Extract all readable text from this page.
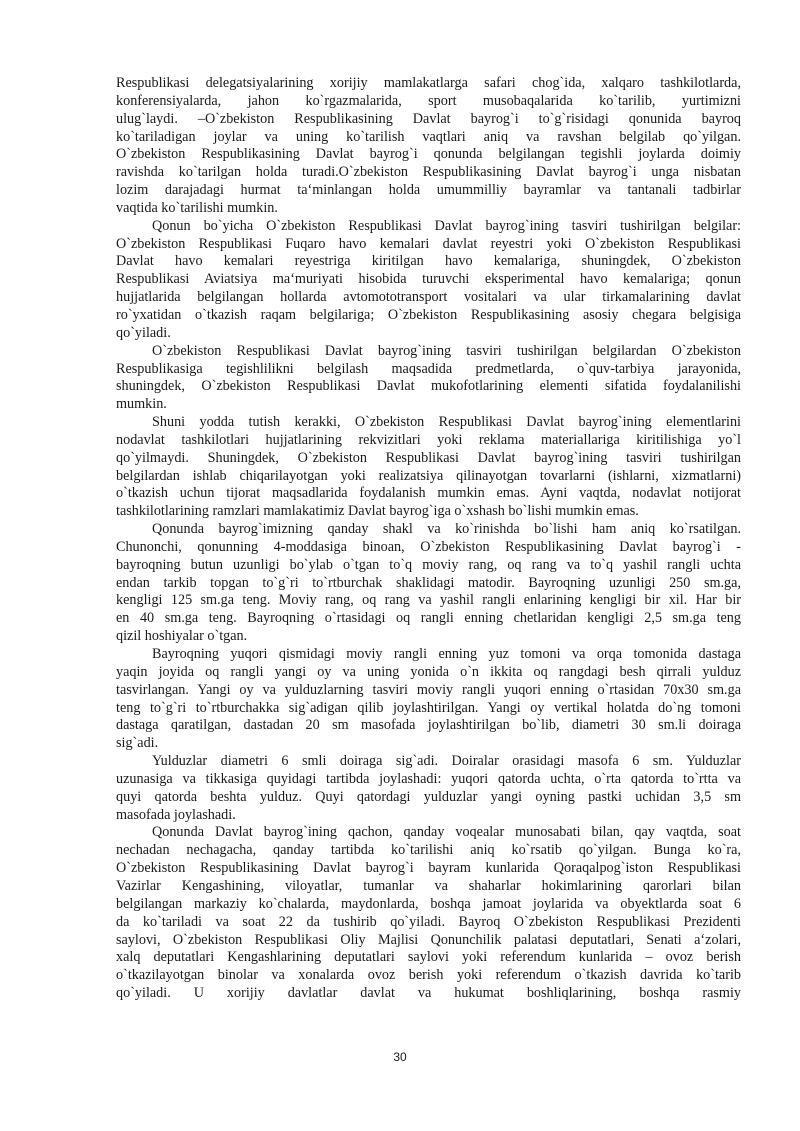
Respublikasi delegatsiyalarining xorijiy mamlakatlarga safari chog`ida, xalqaro tashkilotlarda,
konferensiyalarda, jahon ko`rgazmalarida, sport musobaqalarida ko`tarilib, yurtimizni
ulug`laydi. –O`zbekiston Respublikasining Davlat bayrog`i to`g`risidagi qonunida bayroq
ko`tariladigan joylar va uning ko`tarilish vaqtlari aniq va ravshan belgilab qo`yilgan.
O`zbekiston Respublikasining Davlat bayrog`i qonunda belgilangan tegishli joylarda doimiy
ravishda ko`tarilgan holda turadi.O`zbekiston Respublikasining Davlat bayrog`i unga nisbatan
lozim darajadagi hurmat ta‘minlangan holda umummilliy bayramlar va tantanali tadbirlar
vaqtida ko`tarilishi mumkin.
Qonun bo`yicha O`zbekiston Respublikasi Davlat bayrog`ining tasviri tushirilgan belgilar:
O`zbekiston Respublikasi Fuqaro havo kemalari davlat reyestri yoki O`zbekiston Respublikasi
Davlat havo kemalari reyestriga kiritilgan havo kemalariga, shuningdek, O`zbekiston
Respublikasi Aviatsiya ma‘muriyati hisobida turuvchi eksperimental havo kemalariga; qonun
hujjatlarida belgilangan hollarda avtomototransport vositalari va ular tirkamalarining davlat
ro`yxatidan o`tkazish raqam belgilariga; O`zbekiston Respublikasining asosiy chegara belgisiga
qo`yiladi.
O`zbekiston Respublikasi Davlat bayrog`ining tasviri tushirilgan belgilardan O`zbekiston
Respublikasiga tegishlilikni belgilash maqsadida predmetlarda, o`quv-tarbiya jarayonida,
shuningdek, O`zbekiston Respublikasi Davlat mukofotlarining elementi sifatida foydalanilishi
mumkin.
Shuni yodda tutish kerakki, O`zbekiston Respublikasi Davlat bayrog`ining elementlarini
nodavlat tashkilotlari hujjatlarining rekvizitlari yoki reklama materiallariga kiritilishiga yo`l
qo`yilmaydi. Shuningdek, O`zbekiston Respublikasi Davlat bayrog`ining tasviri tushirilgan
belgilardan ishlab chiqarilayotgan yoki realizatsiya qilinayotgan tovarlarni (ishlarni, xizmatlarni)
o`tkazish uchun tijorat maqsadlarida foydalanish mumkin emas. Ayni vaqtda, nodavlat notijorat
tashkilotlarining ramzlari mamlakatimiz Davlat bayrog`iga o`xshash bo`lishi mumkin emas.
Qonunda bayrog`imizning qanday shakl va ko`rinishda bo`lishi ham aniq ko`rsatilgan.
Chunonchi, qonunning 4-moddasiga binoan, O`zbekiston Respublikasining Davlat bayrog`i -
bayroqning butun uzunligi bo`ylab o`tgan to`q moviy rang, oq rang va to`q yashil rangli uchta
endan tarkib topgan to`g`ri to`rtburchak shaklidagi matodir. Bayroqning uzunligi 250 sm.ga,
kengligi 125 sm.ga teng. Moviy rang, oq rang va yashil rangli enlarining kengligi bir xil. Har bir
en 40 sm.ga teng. Bayroqning o`rtasidagi oq rangli enning chetlaridan kengligi 2,5 sm.ga teng
qizil hoshiyalar o`tgan.
Bayroqning yuqori qismidagi moviy rangli enning yuz tomoni va orqa tomonida dastaga
yaqin joyida oq rangli yangi oy va uning yonida o`n ikkita oq rangdagi besh qirrali yulduz
tasvirlangan. Yangi oy va yulduzlarning tasviri moviy rangli yuqori enning o`rtasidan 70x30 sm.ga
teng to`g`ri to`rtburchakka sig`adigan qilib joylashtirilgan. Yangi oy vertikal holatda do`ng tomoni
dastaga qaratilgan, dastadan 20 sm masofada joylashtirilgan bo`lib, diametri 30 sm.li doiraga
sig`adi.
Yulduzlar diametri 6 smli doiraga sig`adi. Doiralar orasidagi masofa 6 sm. Yulduzlar
uzunasiga va tikkasiga quyidagi tartibda joylashadi: yuqori qatorda uchta, o`rta qatorda to`rtta va
quyi qatorda beshta yulduz. Quyi qatordagi yulduzlar yangi oyning pastki uchidan 3,5 sm
masofada joylashadi.
Qonunda Davlat bayrog`ining qachon, qanday voqealar munosabati bilan, qay vaqtda, soat
nechadan nechagacha, qanday tartibda ko`tarilishi aniq ko`rsatib qo`yilgan. Bunga ko`ra,
O`zbekiston Respublikasining Davlat bayrog`i bayram kunlarida Qoraqalpog`iston Respublikasi
Vazirlar Kengashining, viloyatlar, tumanlar va shaharlar hokimlarining qarorlari bilan
belgilangan markaziy ko`chalarda, maydonlarda, boshqa jamoat joylarida va obyektlarda soat 6
da ko`tariladi va soat 22 da tushirib qo`yiladi. Bayroq O`zbekiston Respublikasi Prezidenti
saylovi, O`zbekiston Respublikasi Oliy Majlisi Qonunchilik palatasi deputatlari, Senati a‘zolari,
xalq deputatlari Kengashlarining deputatlari saylovi yoki referendum kunlarida – ovoz berish
o`tkazilayotgan binolar va xonalarda ovoz berish yoki referendum o`tkazish davrida ko`tarib
qo`yiladi. U xorijiy davlatlar davlat va hukumat boshliqlarining, boshqa rasmiy
30
